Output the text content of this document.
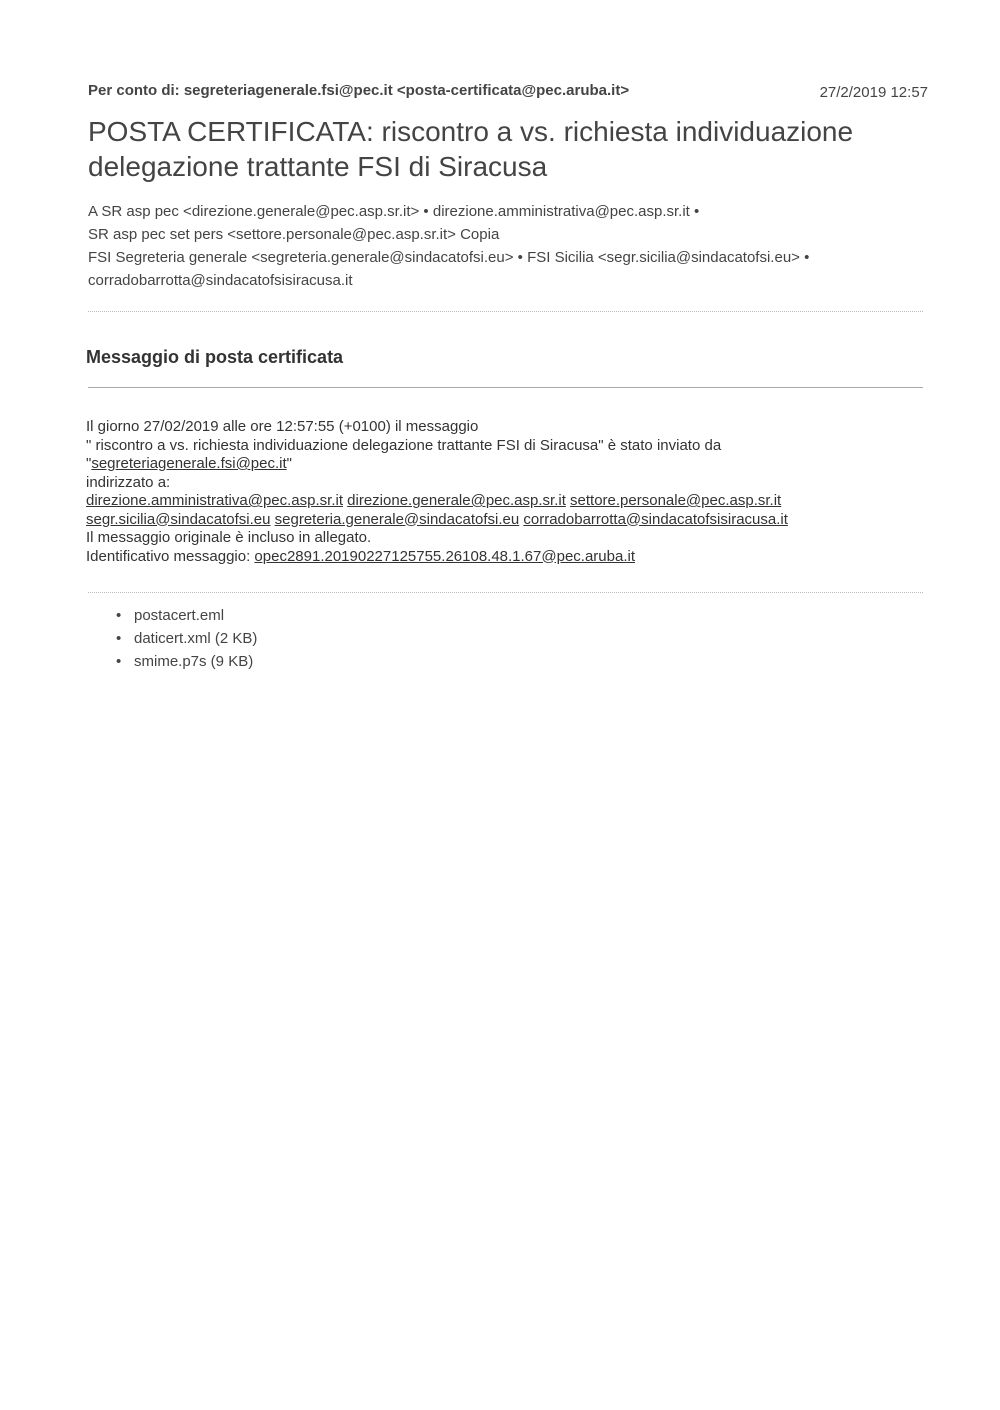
Per conto di: segreteriagenerale.fsi@pec.it <posta-certificata@pec.aruba.it>	27/2/2019 12:57
POSTA CERTIFICATA: riscontro a vs. richiesta individuazione
delegazione trattante FSI di Siracusa
A SR asp pec <direzione.generale@pec.asp.sr.it> • direzione.amministrativa@pec.asp.sr.it •
SR asp pec set pers <settore.personale@pec.asp.sr.it> Copia
FSI Segreteria generale <segreteria.generale@sindacatofsi.eu> • FSI Sicilia <segr.sicilia@sindacatofsi.eu> •
corradobarrotta@sindacatofsisiracusa.it
Messaggio di posta certificata
Il giorno 27/02/2019 alle ore 12:57:55 (+0100) il messaggio
" riscontro a vs. richiesta individuazione delegazione trattante FSI di Siracusa" è stato inviato da
"segreteriagenerale.fsi@pec.it"
indirizzato a:
direzione.amministrativa@pec.asp.sr.it direzione.generale@pec.asp.sr.it settore.personale@pec.asp.sr.it
segr.sicilia@sindacatofsi.eu segreteria.generale@sindacatofsi.eu corradobarrotta@sindacatofsisiracusa.it
Il messaggio originale è incluso in allegato.
Identificativo messaggio: opec2891.20190227125755.26108.48.1.67@pec.aruba.it
• postacert.eml
• daticert.xml (2 KB)
• smime.p7s (9 KB)
